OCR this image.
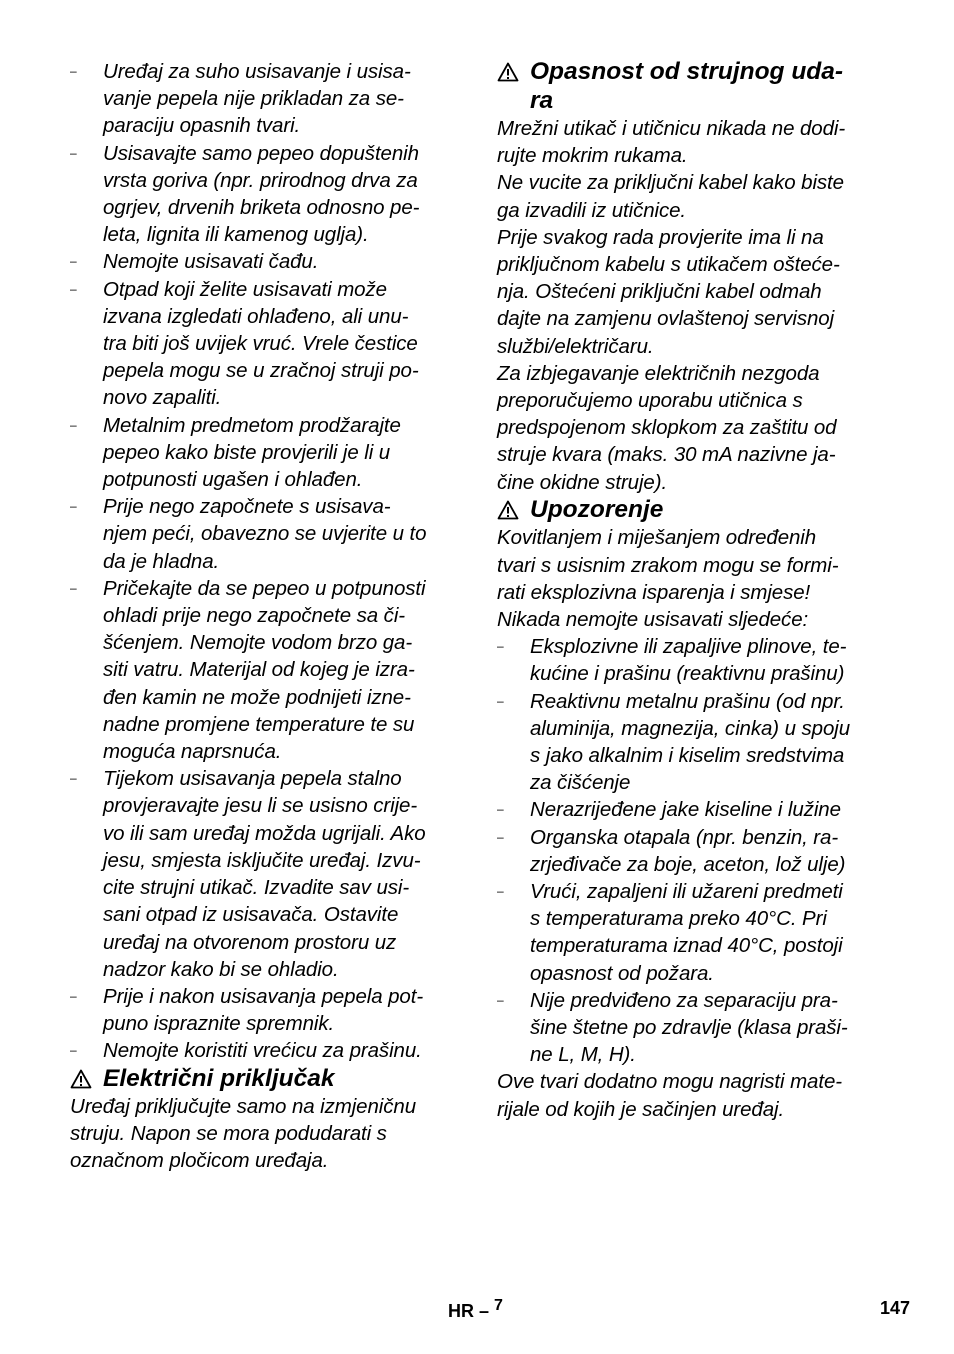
– Uređaj za suho usisavanje i usisa-
vanje pepela nije prikladan za se-
paraciju opasnih tvari.
– Usisavajte samo pepeo dopuštenih
vrsta goriva (npr. prirodnog drva za
ogrjev, drvenih briketa odnosno pe-
leta, lignita ili kamenog uglja).
– Nemojte usisavati čađu.
– Otpad koji želite usisavati može
izvana izgledati ohlađeno, ali unu-
tra biti još uvijek vruć. Vrele čestice
pepela mogu se u zračnoj struji po-
novo zapaliti.
– Metalnim predmetom prodžarajte
pepeo kako biste provjerili je li u
potpunosti ugašen i ohlađen.
– Prije nego započnete s usisava-
njem peći, obavezno se uvjerite u to
da je hladna.
– Pričekajte da se pepeo u potpunosti
ohladi prije nego započnete sa či-
šćenjem. Nemojte vodom brzo ga-
siti vatru. Materijal od kojeg je izra-
đen kamin ne može podnijeti izne-
nadne promjene temperature te su
moguća naprsnuća.
– Tijekom usisavanja pepela stalno
provjeravajte jesu li se usisno crije-
vo ili sam uređaj možda ugrijali. Ako
jesu, smjesta isključite uređaj. Izvu-
cite strujni utikač. Izvadite sav usi-
sani otpad iz usisavača. Ostavite
uređaj na otvorenom prostoru uz
nadzor kako bi se ohladio.
– Prije i nakon usisavanja pepela pot-
puno ispraznite spremnik.
– Nemojte koristiti vrećicu za prašinu.
Električni priključak
Uređaj priključujte samo na izmjeničnu
struju. Napon se mora podudarati s
označnom pločicom uređaja.
Opasnost od strujnog uda-
ra
Mrežni utikač i utičnicu nikada ne dodi-
rujte mokrim rukama.
Ne vucite za priključni kabel kako biste
ga izvadili iz utičnice.
Prije svakog rada provjerite ima li na
priključnom kabelu s utikačem ošteće-
nja. Oštećeni priključni kabel odmah
dajte na zamjenu ovlaštenoj servisnoj
službi/električaru.
Za izbjegavanje električnih nezgoda
preporučujemo uporabu utičnica s
predspojenom sklopkom za zaštitu od
struje kvara (maks. 30 mA nazivne ja-
čine okidne struje).
Upozorenje
Kovitlanjem i miješanjem određenih
tvari s usisnim zrakom mogu se formi-
rati eksplozivna isparenja i smjese!
Nikada nemojte usisavati sljedeće:
– Eksplozivne ili zapaljive plinove, te-
kućine i prašinu (reaktivnu prašinu)
– Reaktivnu metalnu prašinu (od npr.
aluminija, magnezija, cinka) u spoju
s jako alkalnim i kiselim sredstvima
za čišćenje
– Nerazrijeđene jake kiseline i lužine
– Organska otapala (npr. benzin, ra-
zrjeđivače za boje, aceton, lož ulje)
– Vrući, zapaljeni ili užareni predmeti
s temperaturama preko 40°C. Pri
temperaturama iznad 40°C, postoji
opasnost od požara.
– Nije predviđeno za separaciju pra-
šine štetne po zdravlje (klasa praši-
ne L, M, H).
Ove tvari dodatno mogu nagristi mate-
rijale od kojih je sačinjen uređaj.
HR – $^7$	147
